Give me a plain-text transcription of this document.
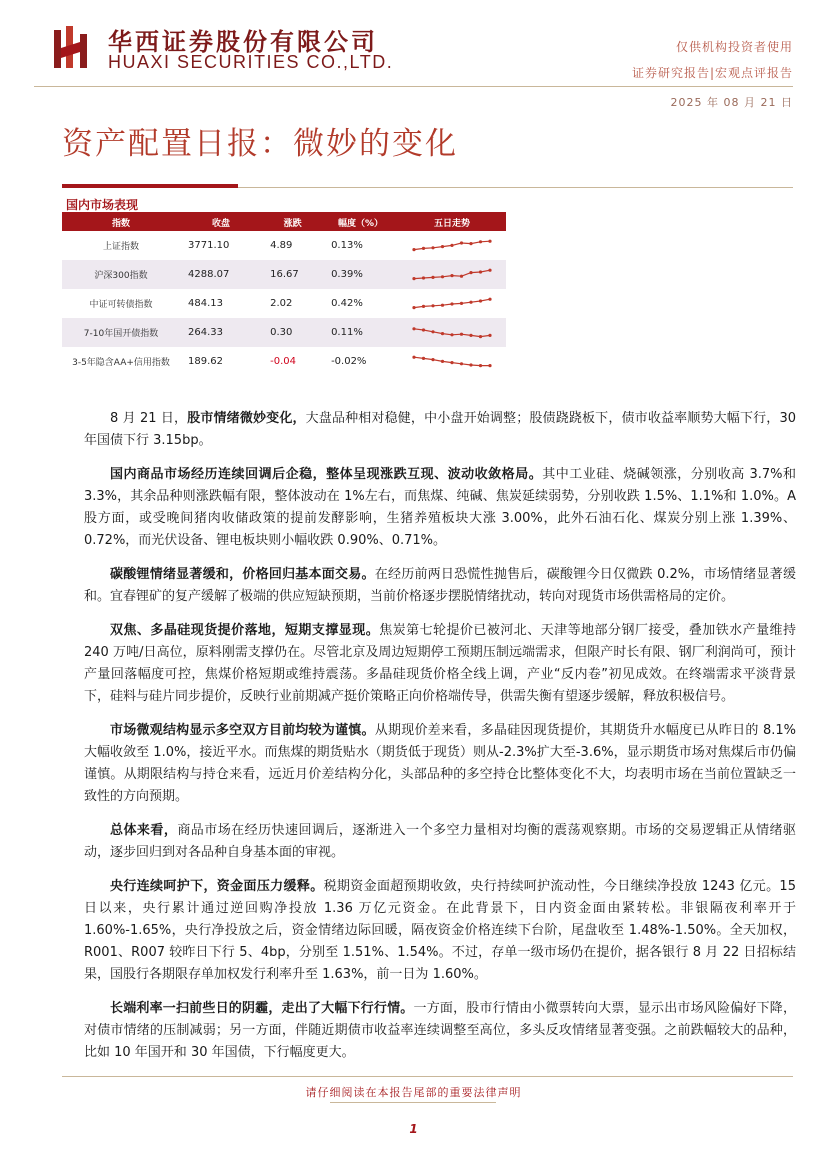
华西证券股份有限公司
HUAXI SECURITIES CO.,LTD.
仅供机构投资者使用
证券研究报告|宏观点评报告
2025 年 08 月 21 日
资产配置日报：微妙的变化
国内市场表现
指数	收盘	涨跌	幅度（%）	五日走势
上证指数	3771.10	4.89	0.13%	

沪深300指数	4288.07	16.67	0.39%	

中证可转债指数	484.13	2.02	0.42%	

7-10年国开债指数	264.33	0.30	0.11%	

3-5年隐含AA+信用指数	189.62	-0.04	-0.02%	

8 月 21 日，股市情绪微妙变化，大盘品种相对稳健，中小盘开始调整；股债跷跷板下，债市收益率顺势大幅下行，30 年国债下行 3.15bp。

国内商品市场经历连续回调后企稳，整体呈现涨跌互现、波动收敛格局。其中工业硅、烧碱领涨，分别收高 3.7%和 3.3%，其余品种则涨跌幅有限，整体波动在 1%左右，而焦煤、纯碱、焦炭延续弱势，分别收跌 1.5%、1.1%和 1.0%。A 股方面，或受晚间猪肉收储政策的提前发酵影响，生猪养殖板块大涨 3.00%，此外石油石化、煤炭分别上涨 1.39%、0.72%，而光伏设备、锂电板块则小幅收跌 0.90%、0.71%。

碳酸锂情绪显著缓和，价格回归基本面交易。在经历前两日恐慌性抛售后，碳酸锂今日仅微跌 0.2%，市场情绪显著缓和。宜春锂矿的复产缓解了极端的供应短缺预期，当前价格逐步摆脱情绪扰动，转向对现货市场供需格局的定价。

双焦、多晶硅现货提价落地，短期支撑显现。焦炭第七轮提价已被河北、天津等地部分钢厂接受，叠加铁水产量维持 240 万吨/日高位，原料刚需支撑仍在。尽管北京及周边短期停工预期压制远端需求，但限产时长有限、钢厂利润尚可，预计产量回落幅度可控，焦煤价格短期或维持震荡。多晶硅现货价格全线上调，产业“反内卷”初见成效。在终端需求平淡背景下，硅料与硅片同步提价，反映行业前期减产挺价策略正向价格端传导，供需失衡有望逐步缓解，释放积极信号。

市场微观结构显示多空双方目前均较为谨慎。从期现价差来看，多晶硅因现货提价，其期货升水幅度已从昨日的 8.1%大幅收敛至 1.0%，接近平水。而焦煤的期货贴水（期货低于现货）则从-2.3%扩大至-3.6%，显示期货市场对焦煤后市仍偏谨慎。从期限结构与持仓来看，远近月价差结构分化，头部品种的多空持仓比整体变化不大，均表明市场在当前位置缺乏一致性的方向预期。

总体来看，商品市场在经历快速回调后，逐渐进入一个多空力量相对均衡的震荡观察期。市场的交易逻辑正从情绪驱动，逐步回归到对各品种自身基本面的审视。

央行连续呵护下，资金面压力缓释。税期资金面超预期收敛，央行持续呵护流动性，今日继续净投放 1243 亿元。15 日以来，央行累计通过逆回购净投放 1.36 万亿元资金。在此背景下，日内资金面由紧转松。非银隔夜利率开于 1.60%-1.65%，央行净投放之后，资金情绪边际回暖，隔夜资金价格连续下台阶，尾盘收至 1.48%-1.50%。全天加权，R001、R007 较昨日下行 5、4bp，分别至 1.51%、1.54%。不过，存单一级市场仍在提价，据各银行 8 月 22 日招标结果，国股行各期限存单加权发行利率升至 1.63%，前一日为 1.60%。

长端利率一扫前些日的阴霾，走出了大幅下行行情。一方面，股市行情由小微票转向大票，显示出市场风险偏好下降，对债市情绪的压制减弱；另一方面，伴随近期债市收益率连续调整至高位，多头反攻情绪显著变强。之前跌幅较大的品种，比如 10 年国开和 30 年国债，下行幅度更大。

请仔细阅读在本报告尾部的重要法律声明
1
